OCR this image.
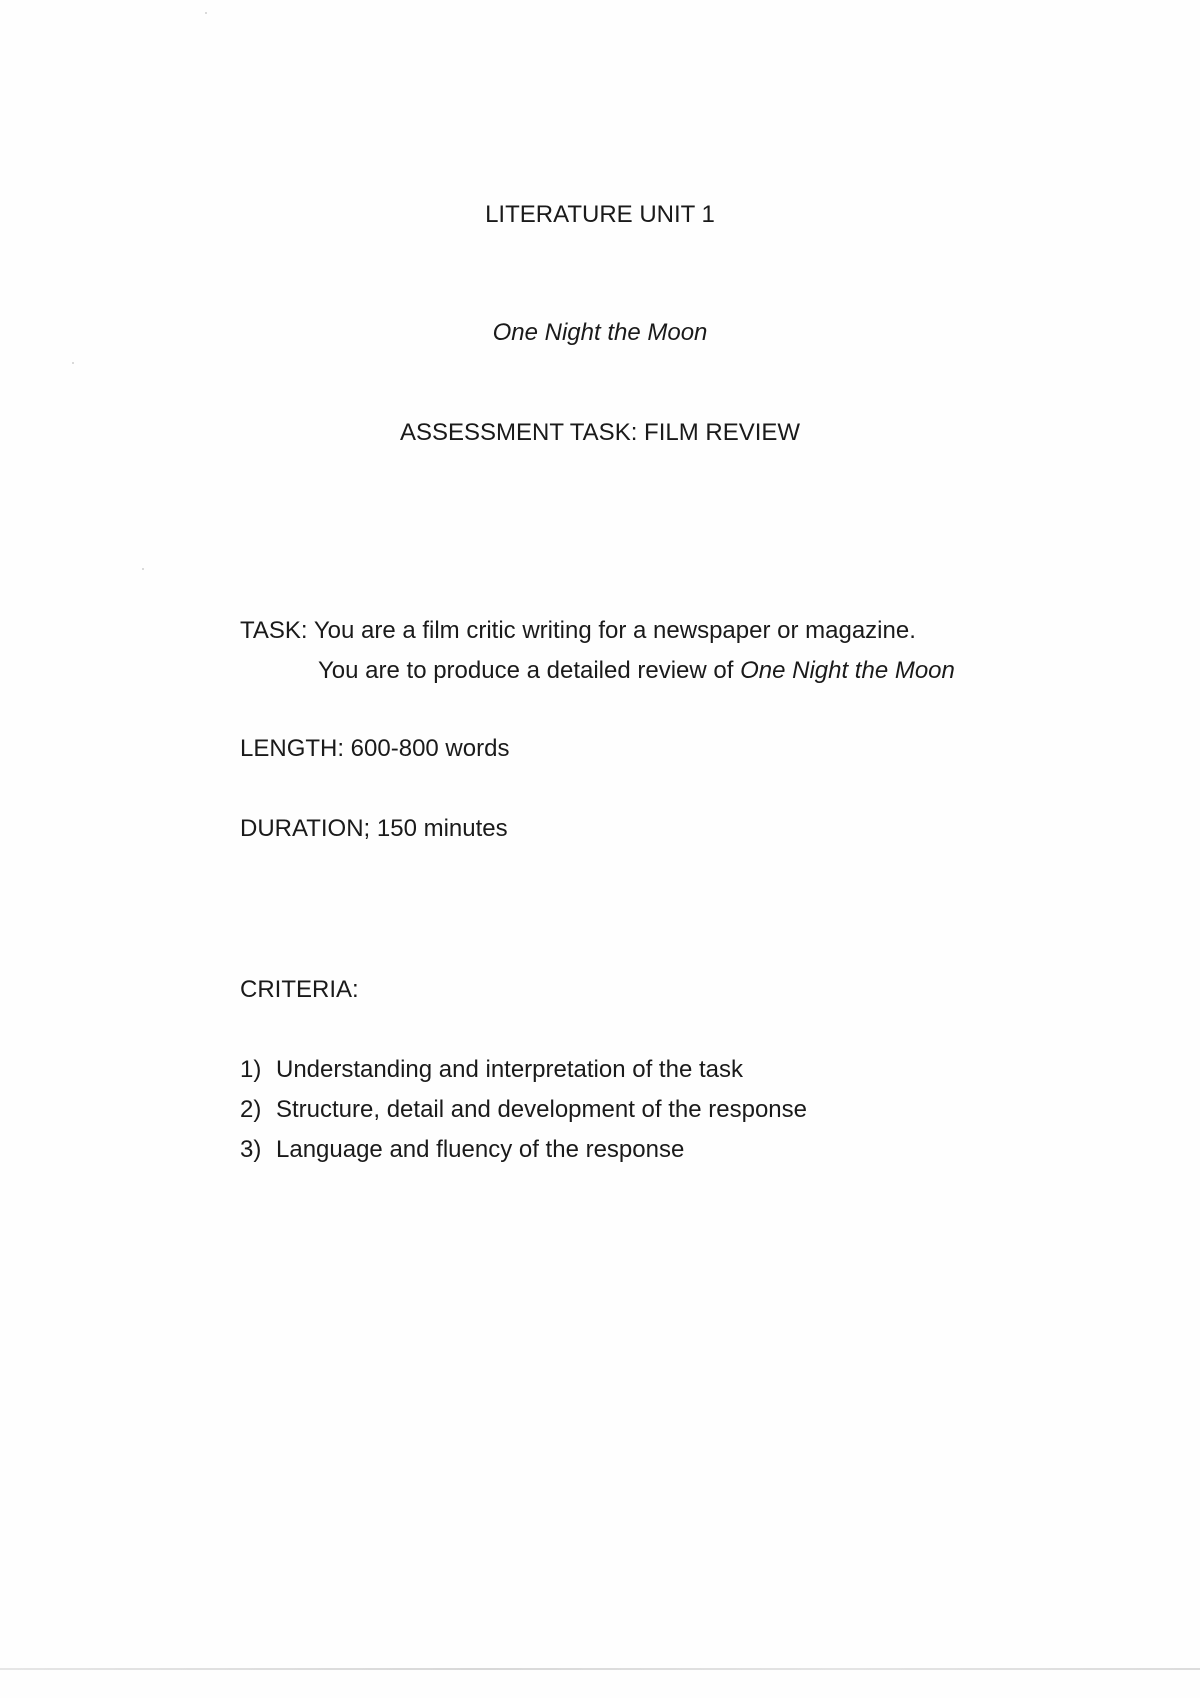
LITERATURE UNIT 1
One Night the Moon
ASSESSMENT TASK: FILM REVIEW
TASK: You are a film critic writing for a newspaper or magazine.
You are to produce a detailed review of One Night the Moon
LENGTH: 600-800 words
DURATION; 150 minutes
CRITERIA:
1) Understanding and interpretation of the task
2) Structure, detail and development of the response
3) Language and fluency of the response
